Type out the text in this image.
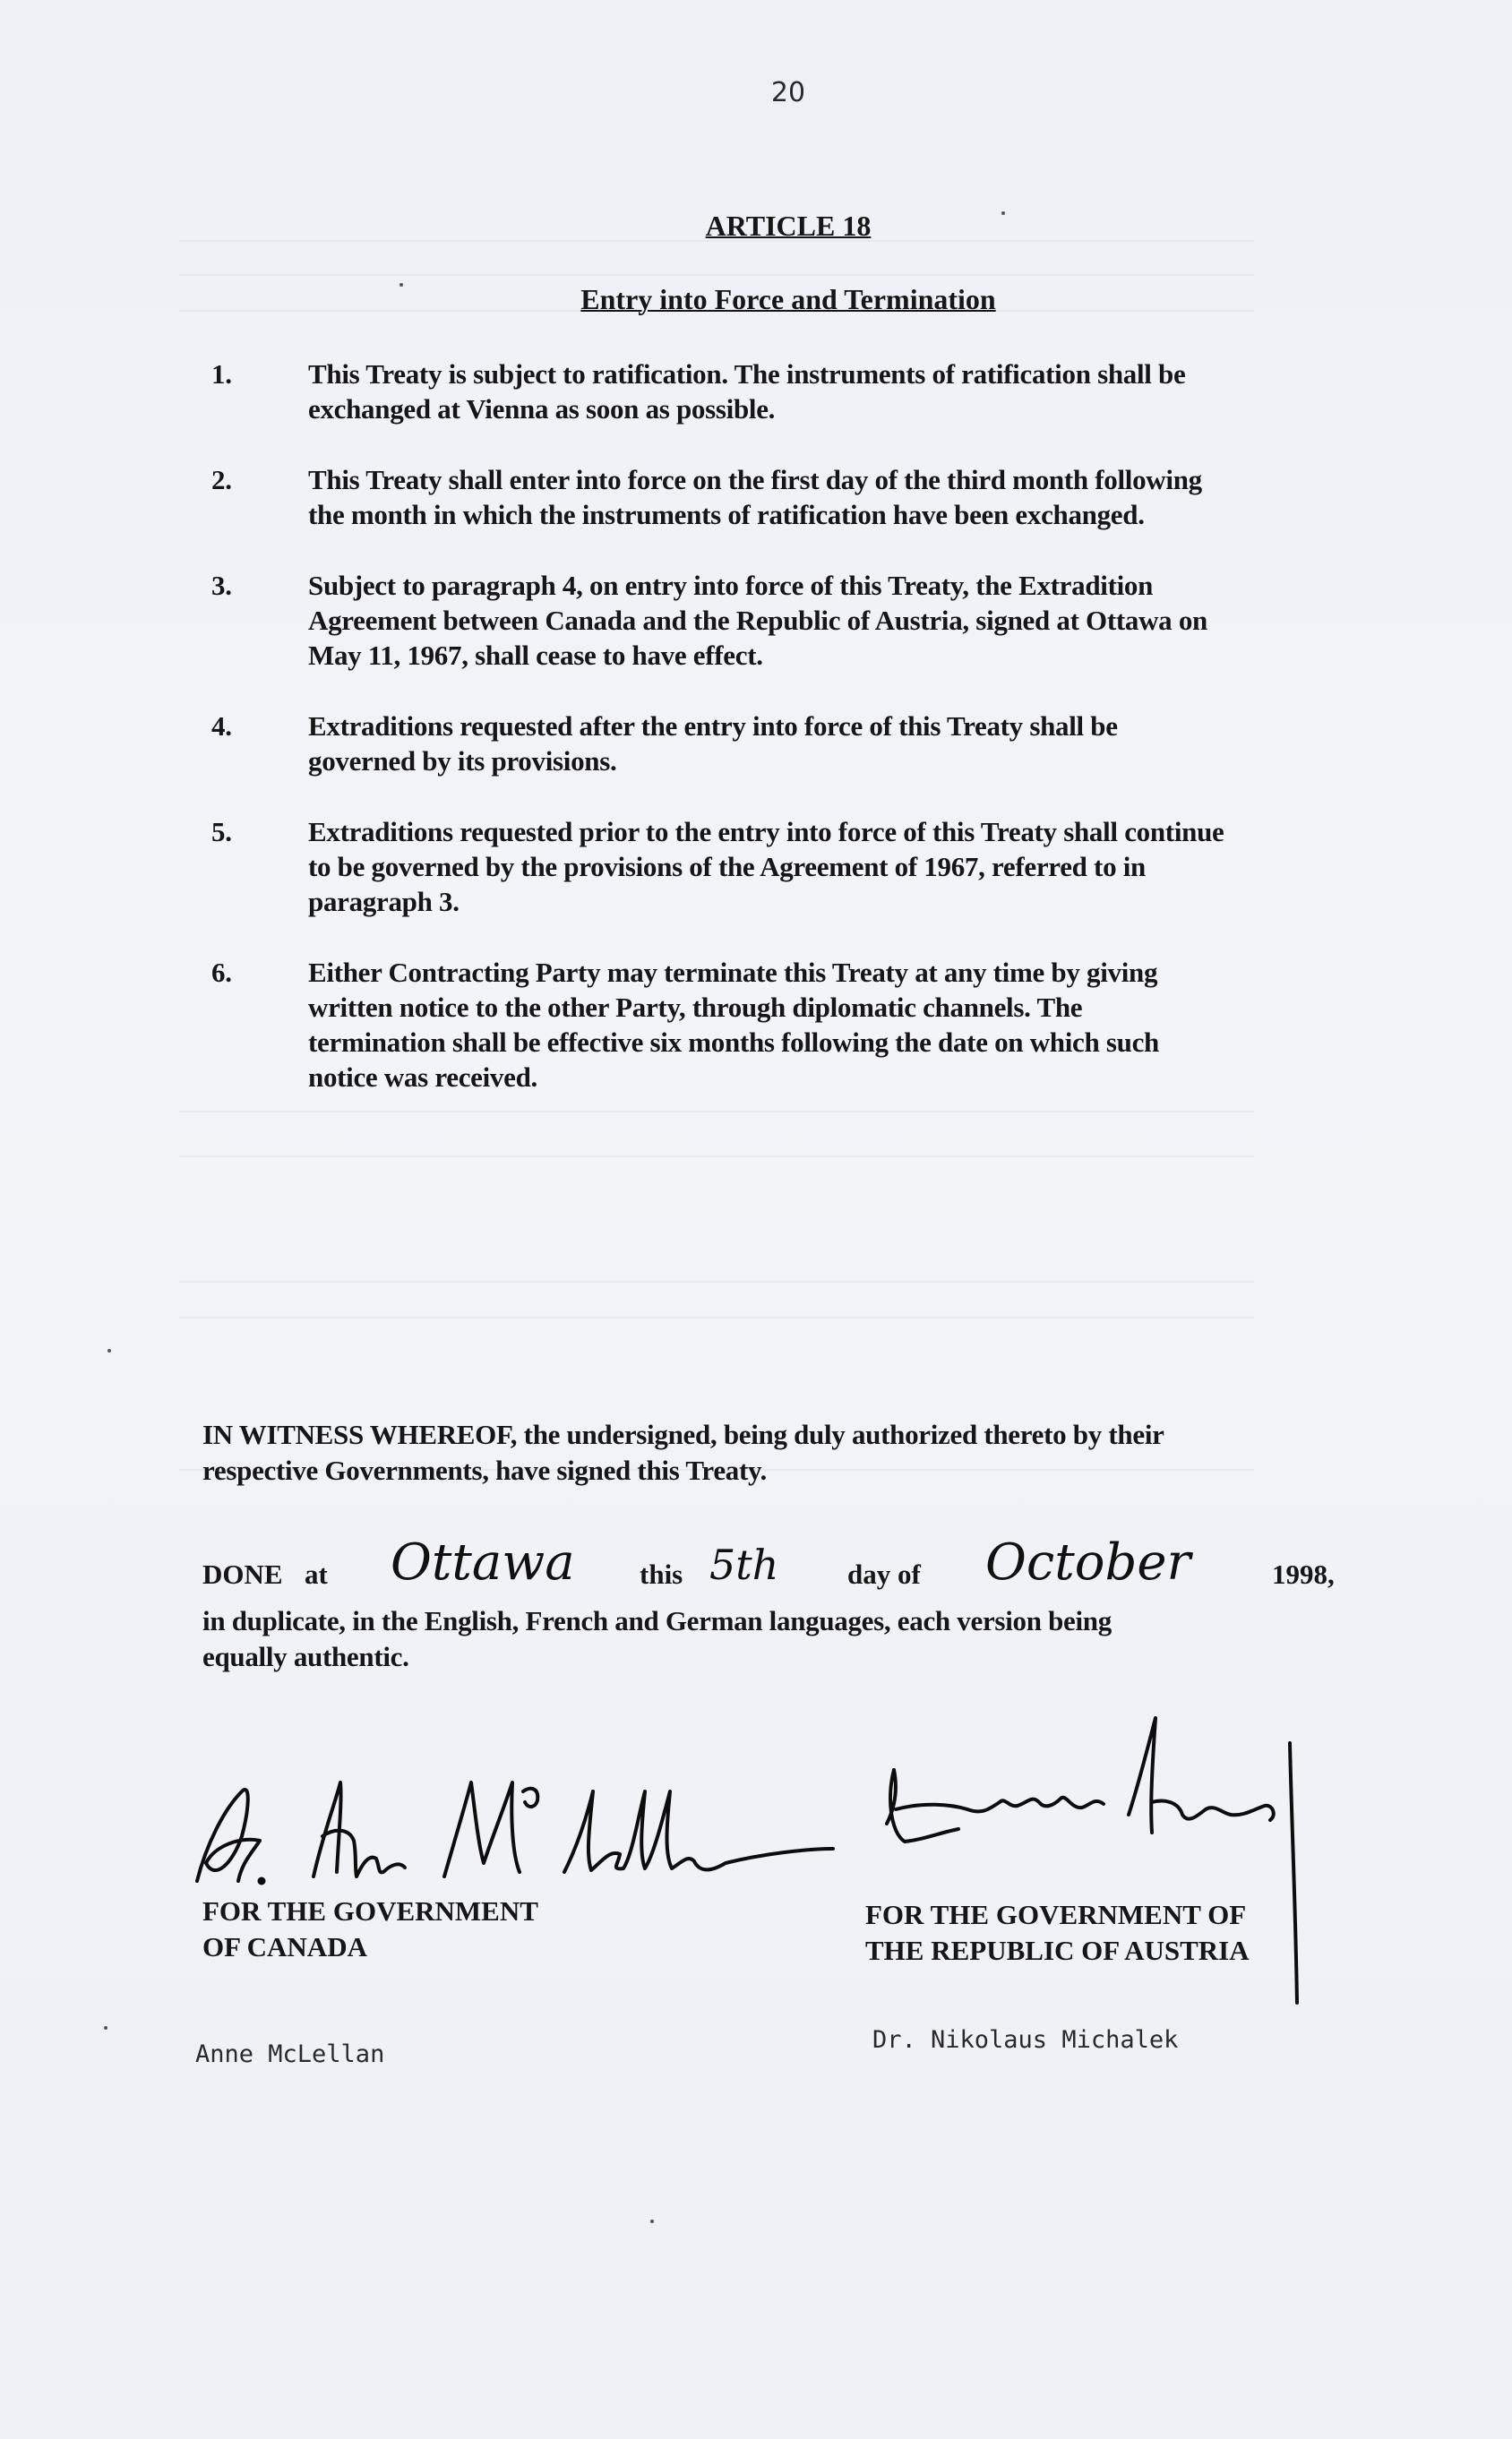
20
ARTICLE 18
Entry into Force and Termination
1.	This Treaty is subject to ratification. The instruments of ratification shall be
exchanged at Vienna as soon as possible.
2.	This Treaty shall enter into force on the first day of the third month following
the month in which the instruments of ratification have been exchanged.
3.	Subject to paragraph 4, on entry into force of this Treaty, the Extradition
Agreement between Canada and the Republic of Austria, signed at Ottawa on
May 11, 1967, shall cease to have effect.
4.	Extraditions requested after the entry into force of this Treaty shall be
governed by its provisions.
5.	Extraditions requested prior to the entry into force of this Treaty shall continue
to be governed by the provisions of the Agreement of 1967, referred to in
paragraph 3.
6.	Either Contracting Party may terminate this Treaty at any time by giving
written notice to the other Party, through diplomatic channels. The
termination shall be effective six months following the date on which such
notice was received.
IN WITNESS WHEREOF, the undersigned, being duly authorized thereto by their
respective Governments, have signed this Treaty.
DONE at Ottawa this 5th day of October	1998,
in duplicate, in the English, French and German languages, each version being
equally authentic.
FOR THE GOVERNMENT
OF CANADA
Anne McLellan
FOR THE GOVERNMENT OF
THE REPUBLIC OF AUSTRIA
Dr. Nikolaus Michalek
